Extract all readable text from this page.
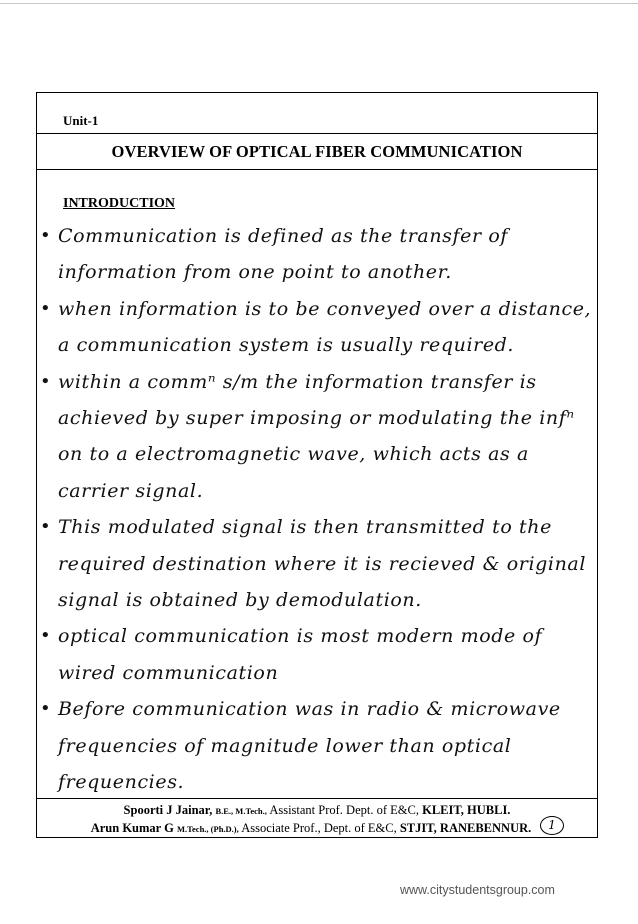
Unit-1
OVERVIEW OF OPTICAL FIBER COMMUNICATION
INTRODUCTION
• Communication is defined as the transfer of information from one point to another.
• when information is to be conveyed over a distance, a communication system is usually required.
• within a commⁿ s/m the information transfer is achieved by super imposing or modulating the infⁿ on to a electromagnetic wave, which acts as a carrier signal.
• This modulated signal is then transmitted to the required destination where it is recieved & original signal is obtained by demodulation.
• optical communication is most modern mode of wired communication
• Before communication was in radio & microwave frequencies of magnitude lower than optical frequencies.
Spoorti J Jainar, B.E., M.Tech., Assistant Prof. Dept. of E&C, KLEIT, HUBLI.
Arun Kumar G M.Tech., (Ph.D.), Associate Prof., Dept. of E&C, STJIT, RANEBENNUR.	1
www.citystudentsgroup.com
